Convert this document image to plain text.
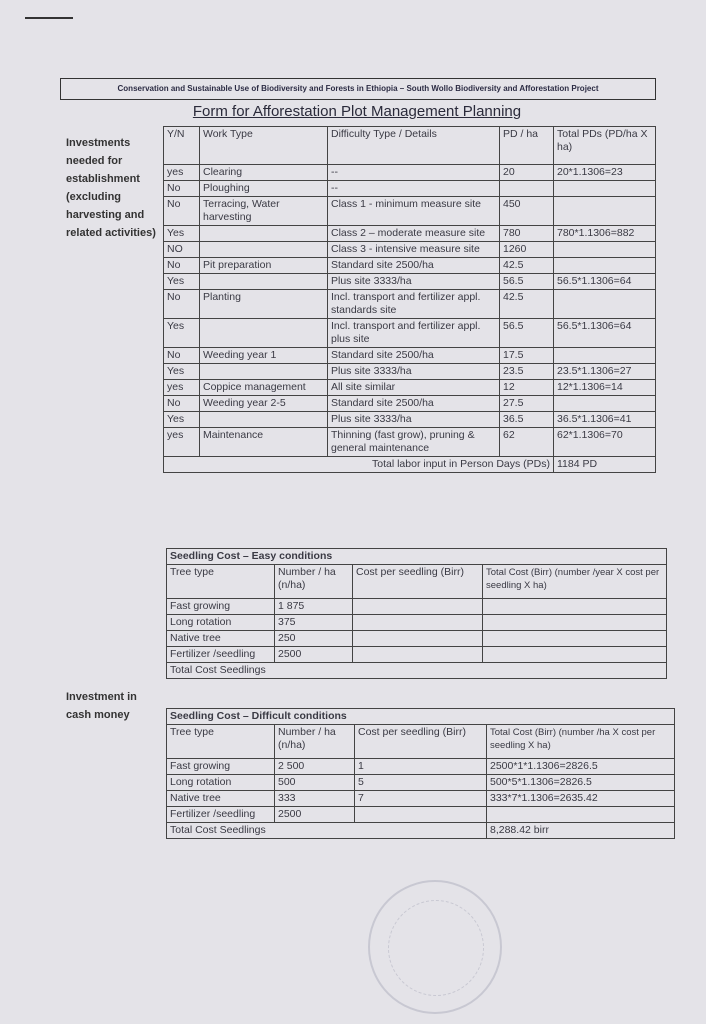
Conservation and Sustainable Use of Biodiversity and Forests in Ethiopia – South Wollo Biodiversity and Afforestation Project
Form for Afforestation Plot Management Planning
Investments needed for establishment (excluding harvesting and related activities)
Y/N	Work Type	Difficulty Type / Details	PD / ha	Total PDs (PD/ha X ha)
yes	Clearing	--	20	20*1.1306=23
No	Ploughing	--		
No	Terracing, Water harvesting	Class 1 - minimum measure site	450	
Yes		Class 2 – moderate measure site	780	780*1.1306=882
NO		Class 3 - intensive measure site	1260	
No	Pit preparation	Standard site 2500/ha	42.5	
Yes		Plus site 3333/ha	56.5	56.5*1.1306=64
No	Planting	Incl. transport and fertilizer appl. standards site	42.5	
Yes		Incl. transport and fertilizer appl. plus site	56.5	56.5*1.1306=64
No	Weeding year 1	Standard site 2500/ha	17.5	
Yes		Plus site 3333/ha	23.5	23.5*1.1306=27
yes	Coppice management	All site similar	12	12*1.1306=14
No	Weeding year 2-5	Standard site 2500/ha	27.5	
Yes		Plus site 3333/ha	36.5	36.5*1.1306=41
yes	Maintenance	Thinning (fast grow), pruning & general maintenance	62	62*1.1306=70
Total labor input in Person Days (PDs)				1184 PD
Investment in cash money
Seedling Cost – Easy conditions			
Tree type	Number / ha (n/ha)	Cost per seedling (Birr)	Total Cost (Birr) (number /year X cost per seedling X ha)
Fast growing	1 875		
Long rotation	375		
Native tree	250		
Fertilizer /seedling	2500		
Total Cost Seedlings			
Seedling Cost – Difficult conditions			
Tree type	Number / ha (n/ha)	Cost per seedling (Birr)	Total Cost (Birr) (number /ha X cost per seedling X ha)
Fast growing	2 500	1	2500*1*1.1306=2826.5
Long rotation	500	5	500*5*1.1306=2826.5
Native tree	333	7	333*7*1.1306=2635.42
Fertilizer /seedling	2500		
Total Cost Seedlings			8,288.42 birr
